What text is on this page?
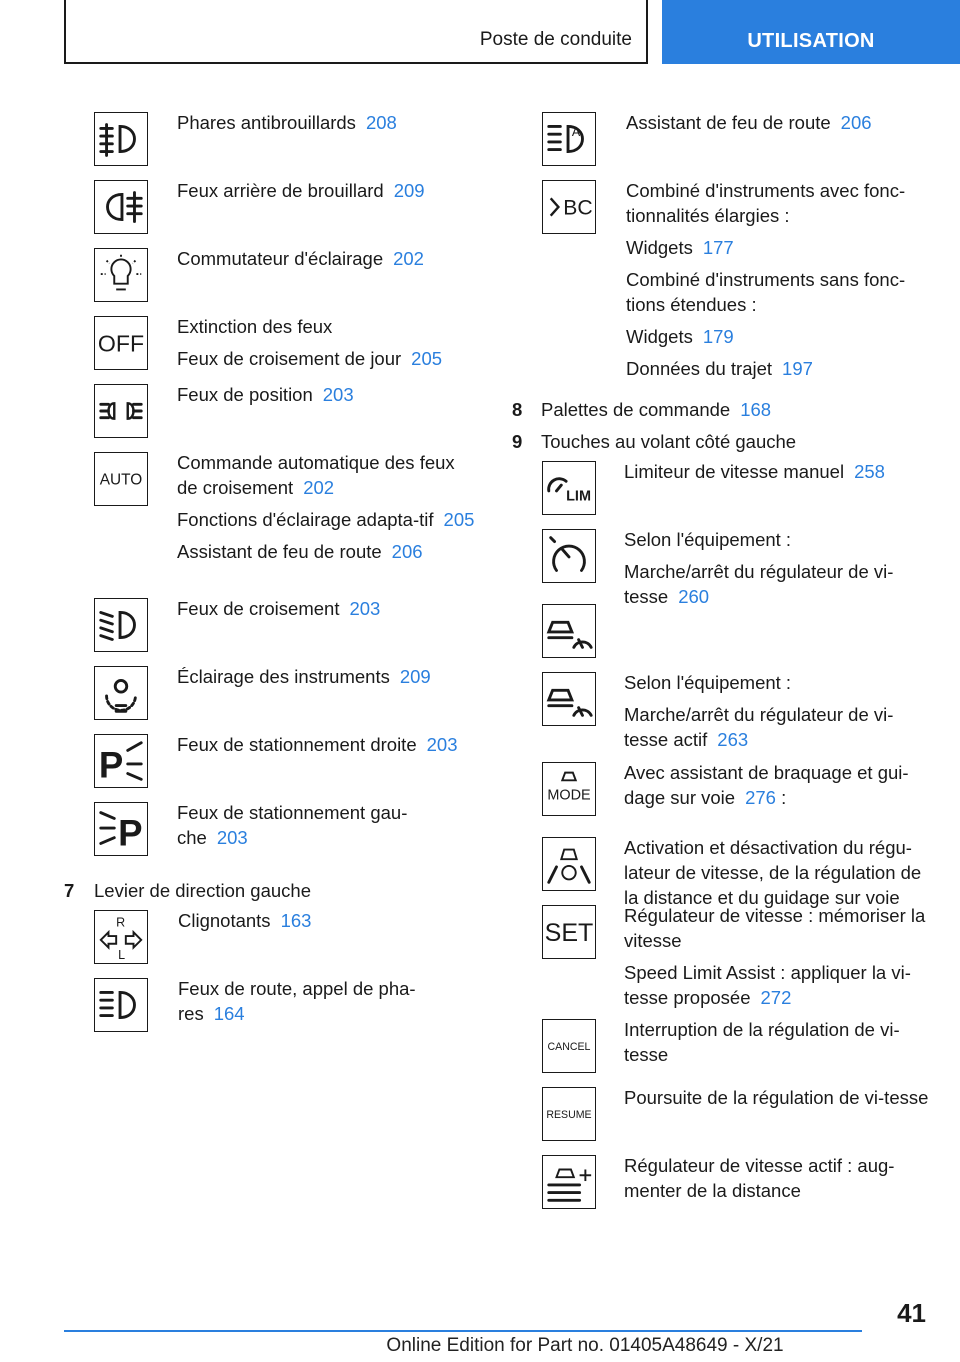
Poste de conduite	UTILISATION

Phares antibrouillards 208

Feux arrière de brouillard 209

Commutateur d'éclairage 202

OFF

Extinction des feux

Feux de croisement de jour 205

Feux de position 203

AUTO

Commande automatique des feux de croisement 202

Fonctions d'éclairage adapta-tif 205

Assistant de feu de route 206

Feux de croisement 203

Éclairage des instruments 209

P	Feux de stationnement droite 203

P Feux de stationnement gau-che 203

7 Levier de direction gauche
R
L

Clignotants 163

Feux de route, appel de pha-res 164

A Assistant de feu de route 206

BC

Combiné d'instruments avec fonc-tionnalités élargies :

Widgets 177

Combiné d'instruments sans fonc-tions étendues :

Widgets 179

Données du trajet 197

8 Palettes de commande 168
9 Touches au volant côté gauche
LIM

Limiteur de vitesse manuel 258

Selon l'équipement :

Marche/arrêt du régulateur de vi-tesse 260

Selon l'équipement :

Marche/arrêt du régulateur de vi-tesse actif 263

MODE

Avec assistant de braquage et gui-dage sur voie 276 :

Activation et désactivation du régu-lateur de vitesse, de la régulation de la distance et du guidage sur voie

SET

Régulateur de vitesse : mémoriser la vitesse

Speed Limit Assist : appliquer la vi-tesse proposée 272

CANCEL

Interruption de la régulation de vi-tesse

RESUME

Poursuite de la régulation de vi-tesse

Régulateur de vitesse actif : aug-menter de la distance

41
Online Edition for Part no. 01405A48649 - X/21
